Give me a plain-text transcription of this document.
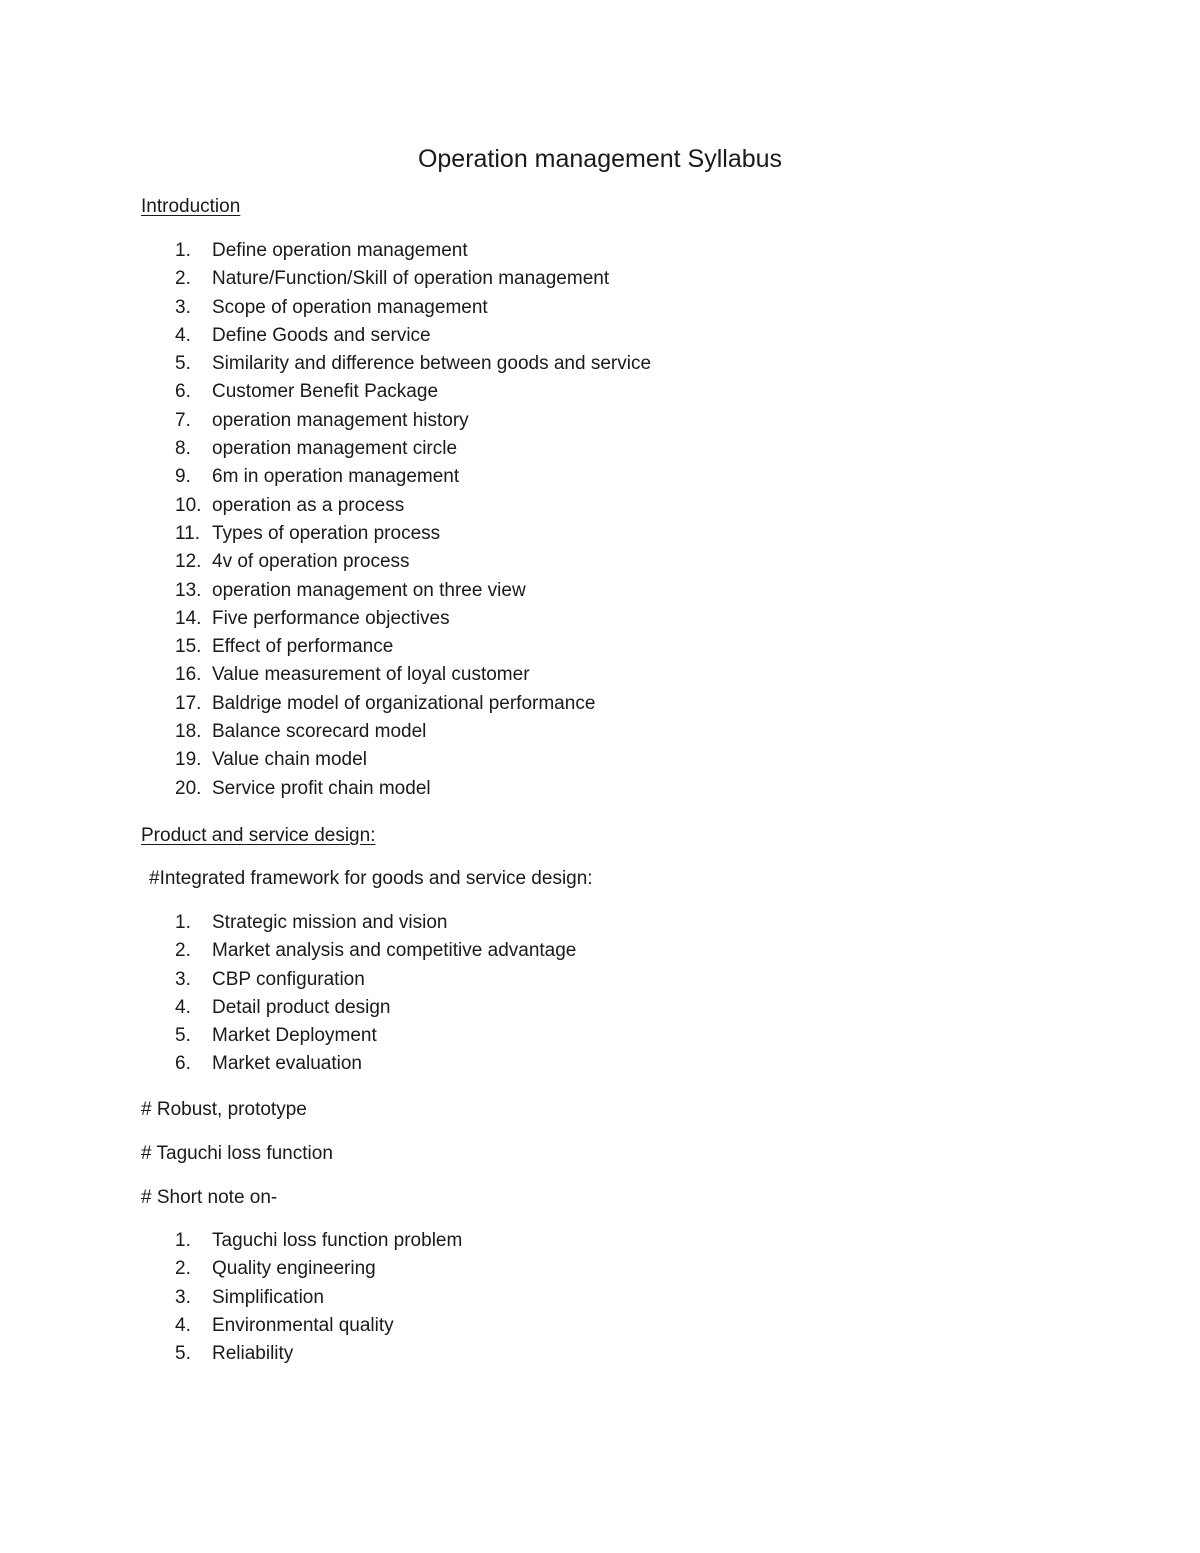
Operation management Syllabus
Introduction
1.	Define operation management
2.	Nature/Function/Skill of operation management
3.	Scope of operation management
4.	Define Goods and service
5.	Similarity and difference between goods and service
6.	Customer Benefit Package
7.	operation management history
8.	operation management circle
9.	6m in operation management
10. operation as a process
11. Types of operation process
12. 4v of operation process
13. operation management on three view
14. Five performance objectives
15. Effect of performance
16. Value measurement of loyal customer
17. Baldrige model of organizational performance
18. Balance scorecard model
19. Value chain model
20. Service profit chain model
Product and service design:
#Integrated framework for goods and service design:
1.	Strategic mission and vision
2.	Market analysis and competitive advantage
3.	CBP configuration
4.	Detail product design
5.	Market Deployment
6.	Market evaluation
# Robust, prototype
# Taguchi loss function
# Short note on-
1.	Taguchi loss function problem
2.	Quality engineering
3.	Simplification
4.	Environmental quality
5.	Reliability
